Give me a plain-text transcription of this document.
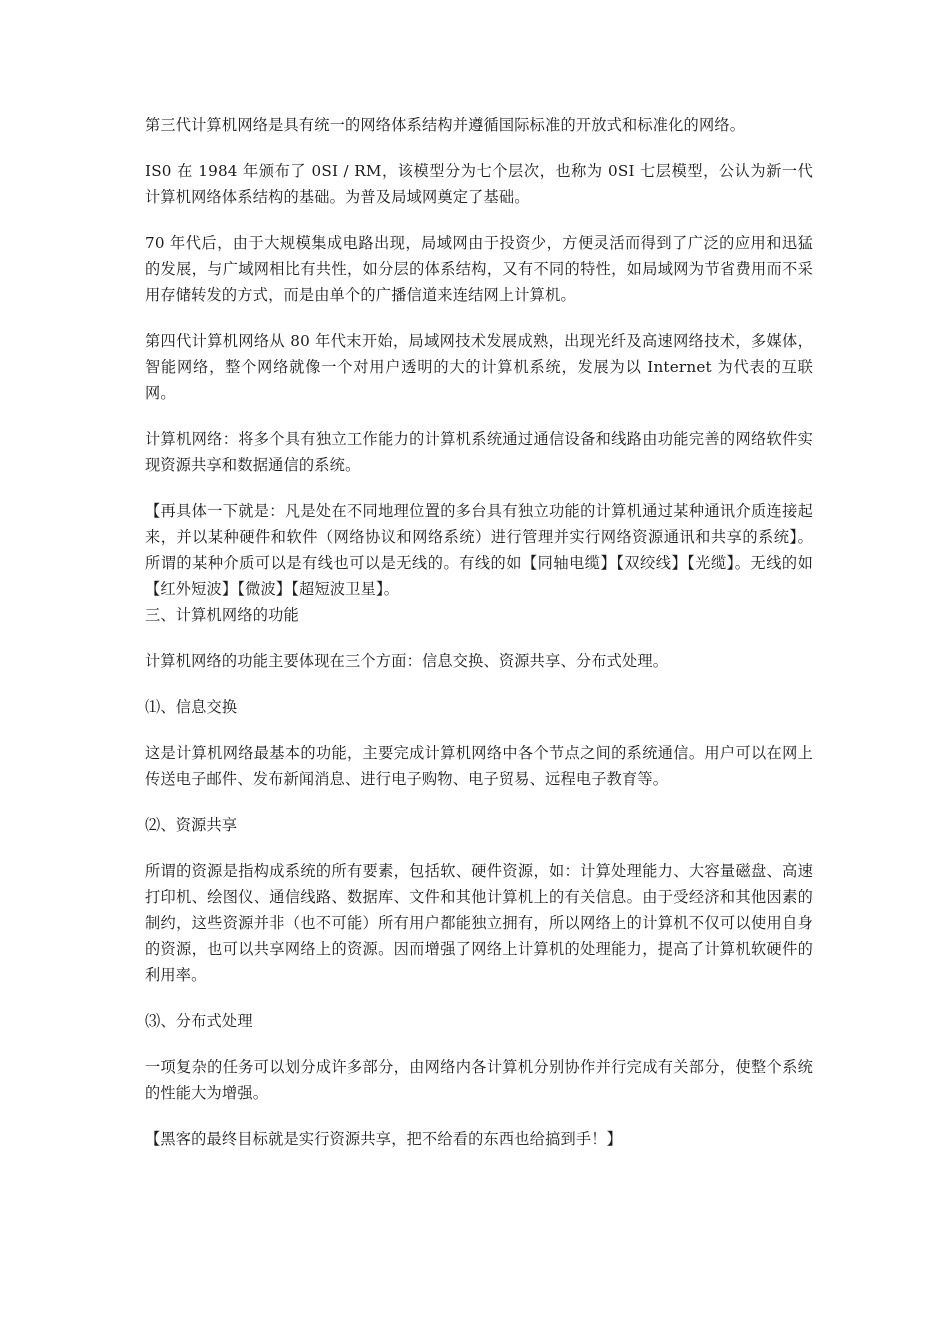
第三代计算机网络是具有统一的网络体系结构并遵循国际标准的开放式和标准化的网络。

IS0 在 1984 年颁布了 0SI / RM，该模型分为七个层次，也称为 0SI 七层模型，公认为新一代计算机网络体系结构的基础。为普及局域网奠定了基础。

70 年代后，由于大规模集成电路出现，局域网由于投资少，方便灵活而得到了广泛的应用和迅猛的发展，与广域网相比有共性，如分层的体系结构，又有不同的特性，如局域网为节省费用而不采用存储转发的方式，而是由单个的广播信道来连结网上计算机。

第四代计算机网络从 80 年代末开始，局域网技术发展成熟，出现光纤及高速网络技术，多媒体，智能网络，整个网络就像一个对用户透明的大的计算机系统，发展为以 Internet 为代表的互联网。

计算机网络：将多个具有独立工作能力的计算机系统通过通信设备和线路由功能完善的网络软件实现资源共享和数据通信的系统。

【再具体一下就是：凡是处在不同地理位置的多台具有独立功能的计算机通过某种通讯介质连接起来，并以某种硬件和软件（网络协议和网络系统）进行管理并实行网络资源通讯和共享的系统】。所谓的某种介质可以是有线也可以是无线的。有线的如【同轴电缆】【双绞线】【光缆】。无线的如【红外短波】【微波】【超短波卫星】。

三、计算机网络的功能

计算机网络的功能主要体现在三个方面：信息交换、资源共享、分布式处理。

⑴、信息交换

这是计算机网络最基本的功能，主要完成计算机网络中各个节点之间的系统通信。用户可以在网上传送电子邮件、发布新闻消息、进行电子购物、电子贸易、远程电子教育等。

⑵、资源共享

所谓的资源是指构成系统的所有要素，包括软、硬件资源，如：计算处理能力、大容量磁盘、高速打印机、绘图仪、通信线路、数据库、文件和其他计算机上的有关信息。由于受经济和其他因素的制约，这些资源并非（也不可能）所有用户都能独立拥有，所以网络上的计算机不仅可以使用自身的资源，也可以共享网络上的资源。因而增强了网络上计算机的处理能力，提高了计算机软硬件的利用率。

⑶、分布式处理

一项复杂的任务可以划分成许多部分，由网络内各计算机分别协作并行完成有关部分，使整个系统的性能大为增强。

【黑客的最终目标就是实行资源共享，把不给看的东西也给搞到手！】
